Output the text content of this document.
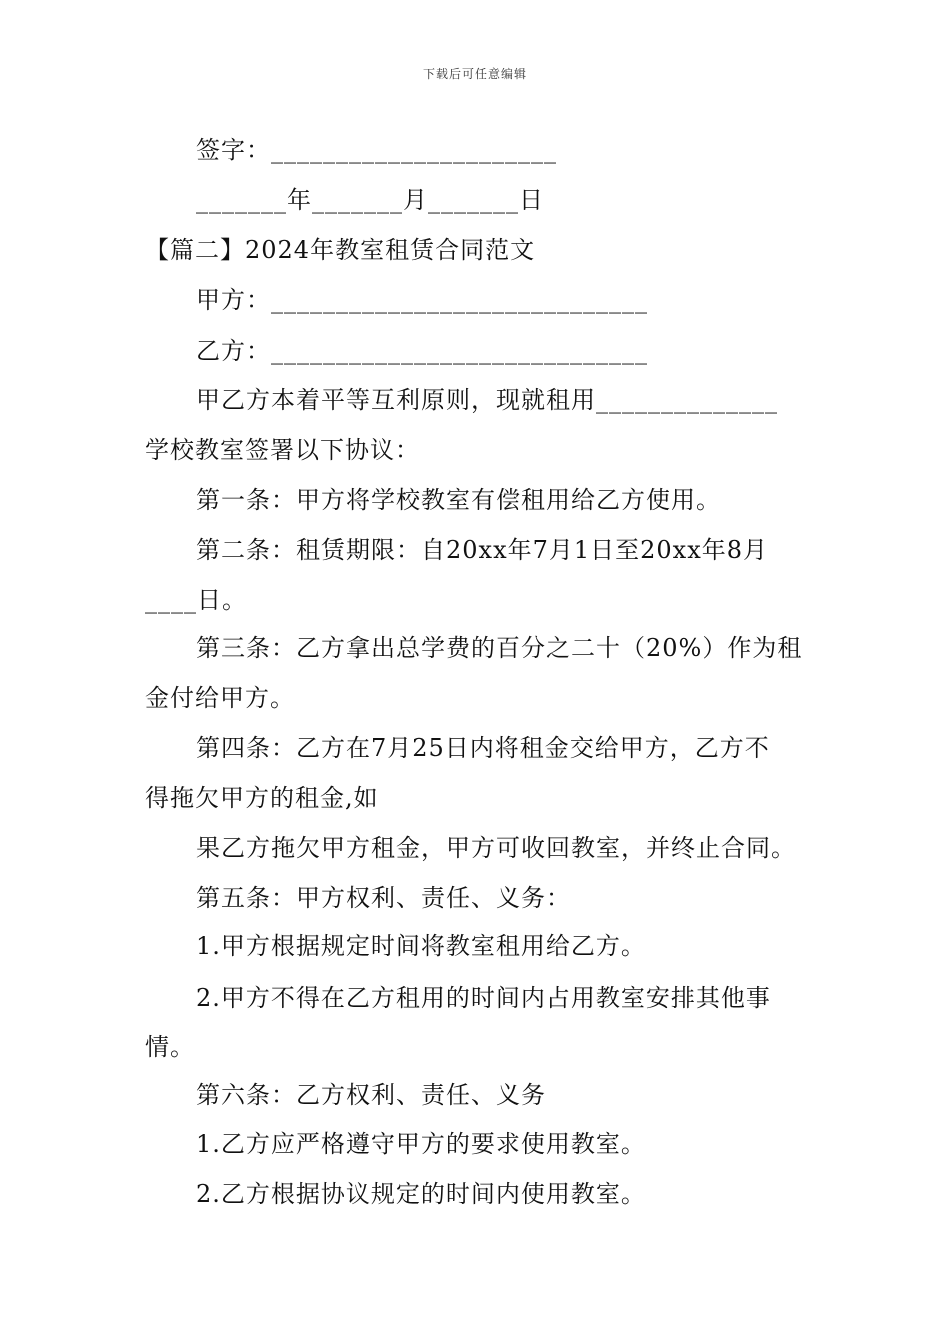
下载后可任意编辑
签字：______________________
_______年_______月_______日
【篇二】2024年教室租赁合同范文
甲方：_____________________________
乙方：_____________________________
甲乙方本着平等互利原则，现就租用______________
学校教室签署以下协议：
第一条：甲方将学校教室有偿租用给乙方使用。
第二条：租赁期限：自20xx年7月1日至20xx年8月
____日。
第三条：乙方拿出总学费的百分之二十（20%）作为租
金付给甲方。
第四条：乙方在7月25日内将租金交给甲方，乙方不
得拖欠甲方的租金,如
果乙方拖欠甲方租金，甲方可收回教室，并终止合同。
第五条：甲方权利、责任、义务：
1.甲方根据规定时间将教室租用给乙方。
2.甲方不得在乙方租用的时间内占用教室安排其他事
情。
第六条：乙方权利、责任、义务
1.乙方应严格遵守甲方的要求使用教室。
2.乙方根据协议规定的时间内使用教室。
